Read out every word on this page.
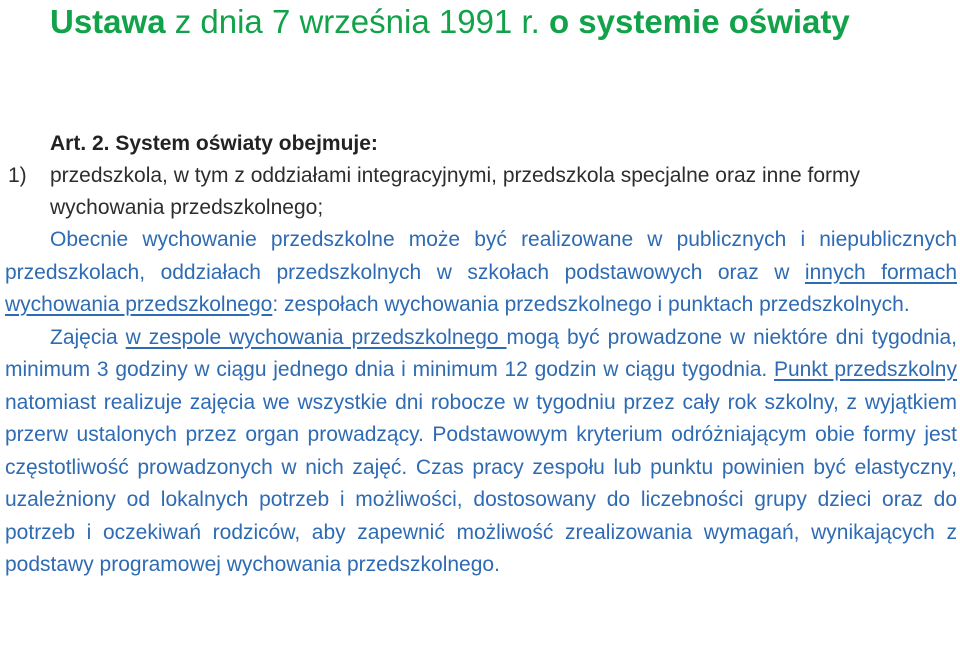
Ustawa z dnia 7 września 1991 r. o systemie oświaty
Art. 2. System oświaty obejmuje:
1) przedszkola, w tym z oddziałami integracyjnymi, przedszkola specjalne oraz inne formy wychowania przedszkolnego;

Obecnie wychowanie przedszkolne może być realizowane w publicznych i niepublicznych przedszkolach, oddziałach przedszkolnych w szkołach podstawowych oraz w innych formach wychowania przedszkolnego: zespołach wychowania przedszkolnego i punktach przedszkolnych.

Zajęcia w zespole wychowania przedszkolnego mogą być prowadzone w niektóre dni tygodnia, minimum 3 godziny w ciągu jednego dnia i minimum 12 godzin w ciągu tygodnia. Punkt przedszkolny natomiast realizuje zajęcia we wszystkie dni robocze w tygodniu przez cały rok szkolny, z wyjątkiem przerw ustalonych przez organ prowadzący. Podstawowym kryterium odróżniającym obie formy jest częstotliwość prowadzonych w nich zajęć. Czas pracy zespołu lub punktu powinien być elastyczny, uzależniony od lokalnych potrzeb i możliwości, dostosowany do liczebności grupy dzieci oraz do potrzeb i oczekiwań rodziców, aby zapewnić możliwość zrealizowania wymagań, wynikających z podstawy programowej wychowania przedszkolnego.
